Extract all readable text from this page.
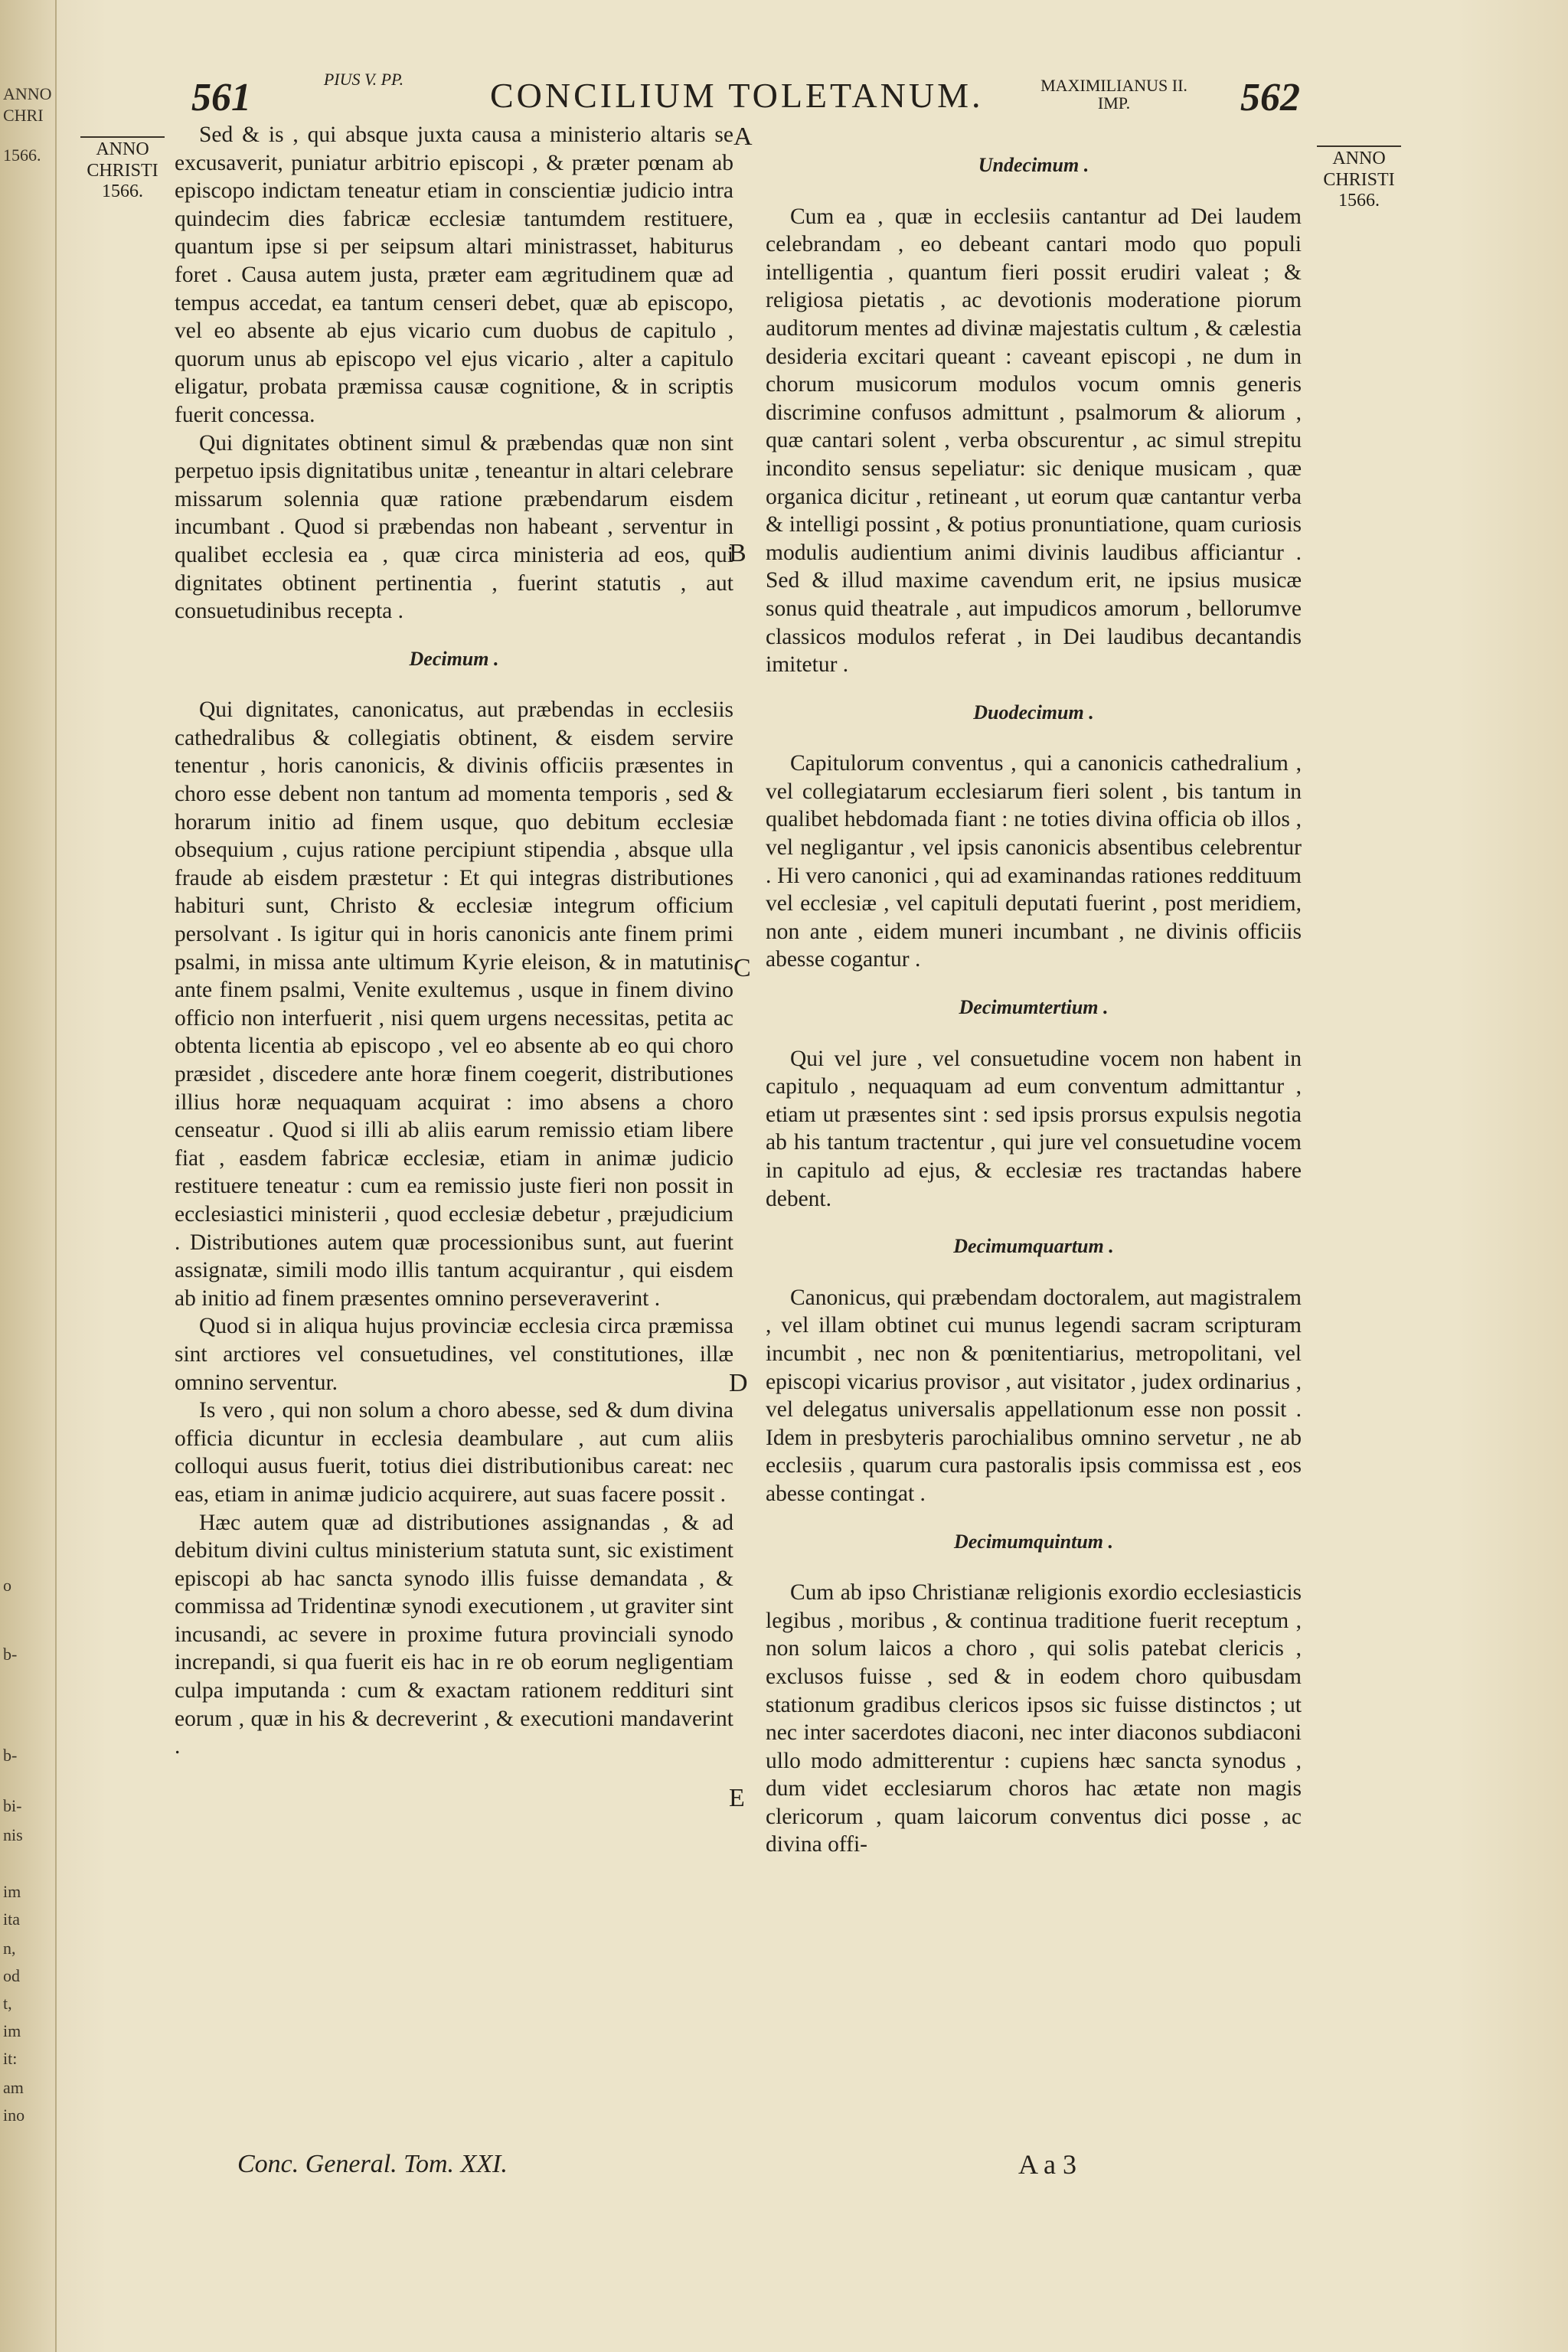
ANNO
CHRI
1566.
o
b-
b-
bi-
nis
im
ita
n,
od
t,
im
it:
am
ino
561	PIUS V. PP. CONCILIUM TOLETANUM.	MAXIMILIANUS II. IMP.	562
ANNO CHRISTI 1566.
ANNO CHRISTI 1566.
A
B
C
D
E

Sed & is , qui absque juxta causa a ministerio altaris se excusaverit, puniatur arbitrio episcopi , & præter pœnam ab episcopo indictam teneatur etiam in conscientiæ judicio intra quindecim dies fabricæ ecclesiæ tantumdem restituere, quantum ipse si per seipsum altari ministrasset, habiturus foret . Causa autem justa, præter eam ægritudinem quæ ad tempus accedat, ea tantum censeri debet, quæ ab episcopo, vel eo absente ab ejus vicario cum duobus de capitulo , quorum unus ab episcopo vel ejus vicario , alter a capitulo eligatur, probata præmissa causæ cognitione, & in scriptis fuerit concessa.

Qui dignitates obtinent simul & præbendas quæ non sint perpetuo ipsis dignitatibus unitæ , teneantur in altari celebrare missarum solennia quæ ratione præbendarum eisdem incumbant . Quod si præbendas non habeant , serventur in qualibet ecclesia ea , quæ circa ministeria ad eos, qui dignitates obtinent pertinentia , fuerint statutis , aut consuetudinibus recepta .

Decimum .

Qui dignitates, canonicatus, aut præbendas in ecclesiis cathedralibus & collegiatis obtinent, & eisdem servire tenentur , horis canonicis, & divinis officiis præsentes in choro esse debent non tantum ad momenta temporis , sed & horarum initio ad finem usque, quo debitum ecclesiæ obsequium , cujus ratione percipiunt stipendia , absque ulla fraude ab eisdem præstetur : Et qui integras distributiones habituri sunt, Christo & ecclesiæ integrum officium persolvant . Is igitur qui in horis canonicis ante finem primi psalmi, in missa ante ultimum Kyrie eleison, & in matutinis ante finem psalmi, Venite exultemus , usque in finem divino officio non interfuerit , nisi quem urgens necessitas, petita ac obtenta licentia ab episcopo , vel eo absente ab eo qui choro præsidet , discedere ante horæ finem coegerit, distributiones illius horæ nequaquam acquirat : imo absens a choro censeatur . Quod si illi ab aliis earum remissio etiam libere fiat , easdem fabricæ ecclesiæ, etiam in animæ judicio restituere teneatur : cum ea remissio juste fieri non possit in ecclesiastici ministerii , quod ecclesiæ debetur , præjudicium . Distributiones autem quæ processionibus sunt, aut fuerint assignatæ, simili modo illis tantum acquirantur , qui eisdem ab initio ad finem præsentes omnino perseveraverint .

Quod si in aliqua hujus provinciæ ecclesia circa præmissa sint arctiores vel consuetudines, vel constitutiones, illæ omnino serventur.

Is vero , qui non solum a choro abesse, sed & dum divina officia dicuntur in ecclesia deambulare , aut cum aliis colloqui ausus fuerit, totius diei distributionibus careat: nec eas, etiam in animæ judicio acquirere, aut suas facere possit .

Hæc autem quæ ad distributiones assignandas , & ad debitum divini cultus ministerium statuta sunt, sic existiment episcopi ab hac sancta synodo illis fuisse demandata , & commissa ad Tridentinæ synodi executionem , ut graviter sint incusandi, ac severe in proxime futura provinciali synodo increpandi, si qua fuerit eis hac in re ob eorum negligentiam culpa imputanda : cum & exactam rationem redditurі sint eorum , quæ in his & decreverint , & executioni mandaverint .

Undecimum .

Cum ea , quæ in ecclesiis cantantur ad Dei laudem celebrandam , eo debeant cantari modo quo populi intelligentia , quantum fieri possit erudiri valeat ; & religiosa pietatis , ac devotionis moderatione piorum auditorum mentes ad divinæ majestatis cultum , & cælestia desideria excitari queant : caveant episcopi , ne dum in chorum musicorum modulos vocum omnis generis discrimine confusos admittunt , psalmorum & aliorum , quæ cantari solent , verba obscurentur , ac simul strepitu incondito sensus sepeliatur: sic denique musicam , quæ organica dicitur , retineant , ut eorum quæ cantantur verba & intelligi possint , & potius pronuntiatione, quam curiosis modulis audientium animi divinis laudibus afficiantur . Sed & illud maxime cavendum erit, ne ipsius musicæ sonus quid theatrale , aut impudicos amorum , bellorumve classicos modulos referat , in Dei laudibus decantandis imitetur .

Duodecimum .

Capitulorum conventus , qui a canonicis cathedralium , vel collegiatarum ecclesiarum fieri solent , bis tantum in qualibet hebdomada fiant : ne toties divina officia ob illos , vel negligantur , vel ipsis canonicis absentibus celebrentur . Hi vero canonici , qui ad examinandas rationes reddituum vel ecclesiæ , vel capituli deputati fuerint , post meridiem, non ante , eidem muneri incumbant , ne divinis officiis abesse cogantur .

Decimumtertium .

Qui vel jure , vel consuetudine vocem non habent in capitulo , nequaquam ad eum conventum admittantur , etiam ut præsentes sint : sed ipsis prorsus expulsis negotia ab his tantum tractentur , qui jure vel consuetudine vocem in capitulo ad ejus, & ecclesiæ res tractandas habere debent.

Decimumquartum .

Canonicus, qui præbendam doctoralem, aut magistralem , vel illam obtinet cui munus legendi sacram scripturam incumbit , nec non & pœnitentiarius, metropolitani, vel episcopi vicarius provisor , aut visitator , judex ordinarius , vel delegatus universalis appellationum esse non possit . Idem in presbyteris parochialibus omnino servetur , ne ab ecclesiis , quarum cura pastoralis ipsis commissa est , eos abesse contingat .

Decimumquintum .

Cum ab ipso Christianæ religionis exordio ecclesiasticis legibus , moribus , & continua traditione fuerit receptum , non solum laicos a choro , qui solis patebat clericis , exclusos fuisse , sed & in eodem choro quibusdam stationum gradibus clericos ipsos sic fuisse distinctos ; ut nec inter sacerdotes diaconi, nec inter diaconos subdiaconi ullo modo admitterentur : cupiens hæc sancta synodus , dum videt ecclesiarum choros hac ætate non magis clericorum , quam laicorum conventus dici posse , ac divina offi-

Conc. General. Tom. XXI.	A a 3
